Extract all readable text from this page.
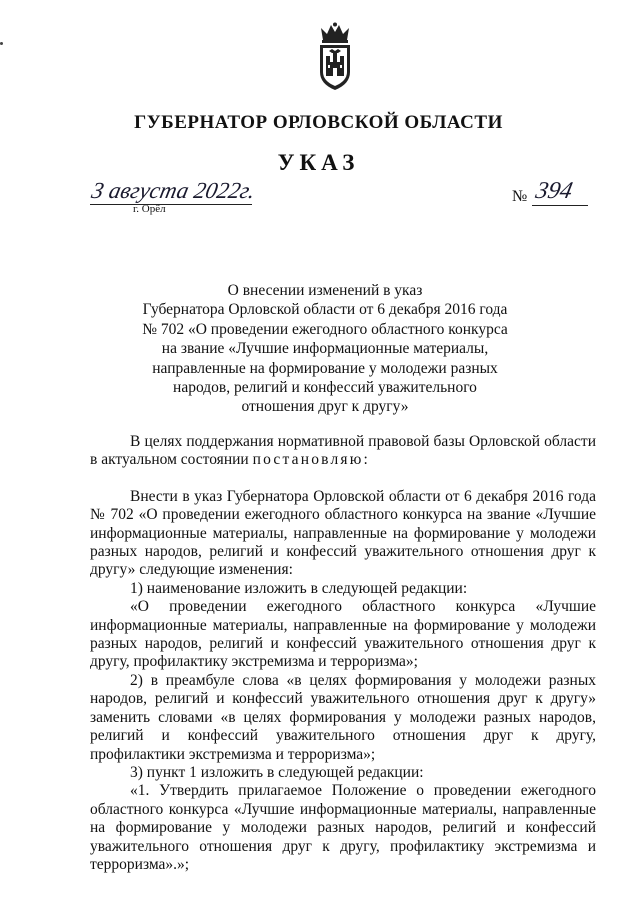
ГУБЕРНАТОР ОРЛОВСКОЙ ОБЛАСТИ
УКАЗ
3 августа 2022г.
г. Орёл
№ 394
О внесении изменений в указ
Губернатора Орловской области от 6 декабря 2016 года
№ 702 «О проведении ежегодного областного конкурса
на звание «Лучшие информационные материалы,
направленные на формирование у молодежи разных
народов, религий и конфессий уважительного
отношения друг к другу»

В целях поддержания нормативной правовой базы Орловской области в актуальном состоянии постановляю:

Внести в указ Губернатора Орловской области от 6 декабря 2016 года № 702 «О проведении ежегодного областного конкурса на звание «Лучшие информационные материалы, направленные на формирование у молодежи разных народов, религий и конфессий уважительного отношения друг к другу» следующие изменения:

1) наименование изложить в следующей редакции:

«О проведении ежегодного областного конкурса «Лучшие информационные материалы, направленные на формирование у молодежи разных народов, религий и конфессий уважительного отношения друг к другу, профилактику экстремизма и терроризма»;

2) в преамбуле слова «в целях формирования у молодежи разных народов, религий и конфессий уважительного отношения друг к другу» заменить словами «в целях формирования у молодежи разных народов, религий и конфессий уважительного отношения друг к другу, профилактики экстремизма и терроризма»;

3) пункт 1 изложить в следующей редакции:

«1. Утвердить прилагаемое Положение о проведении ежегодного областного конкурса «Лучшие информационные материалы, направленные на формирование у молодежи разных народов, религий и конфессий уважительного отношения друг к другу, профилактику экстремизма и терроризма».»;
